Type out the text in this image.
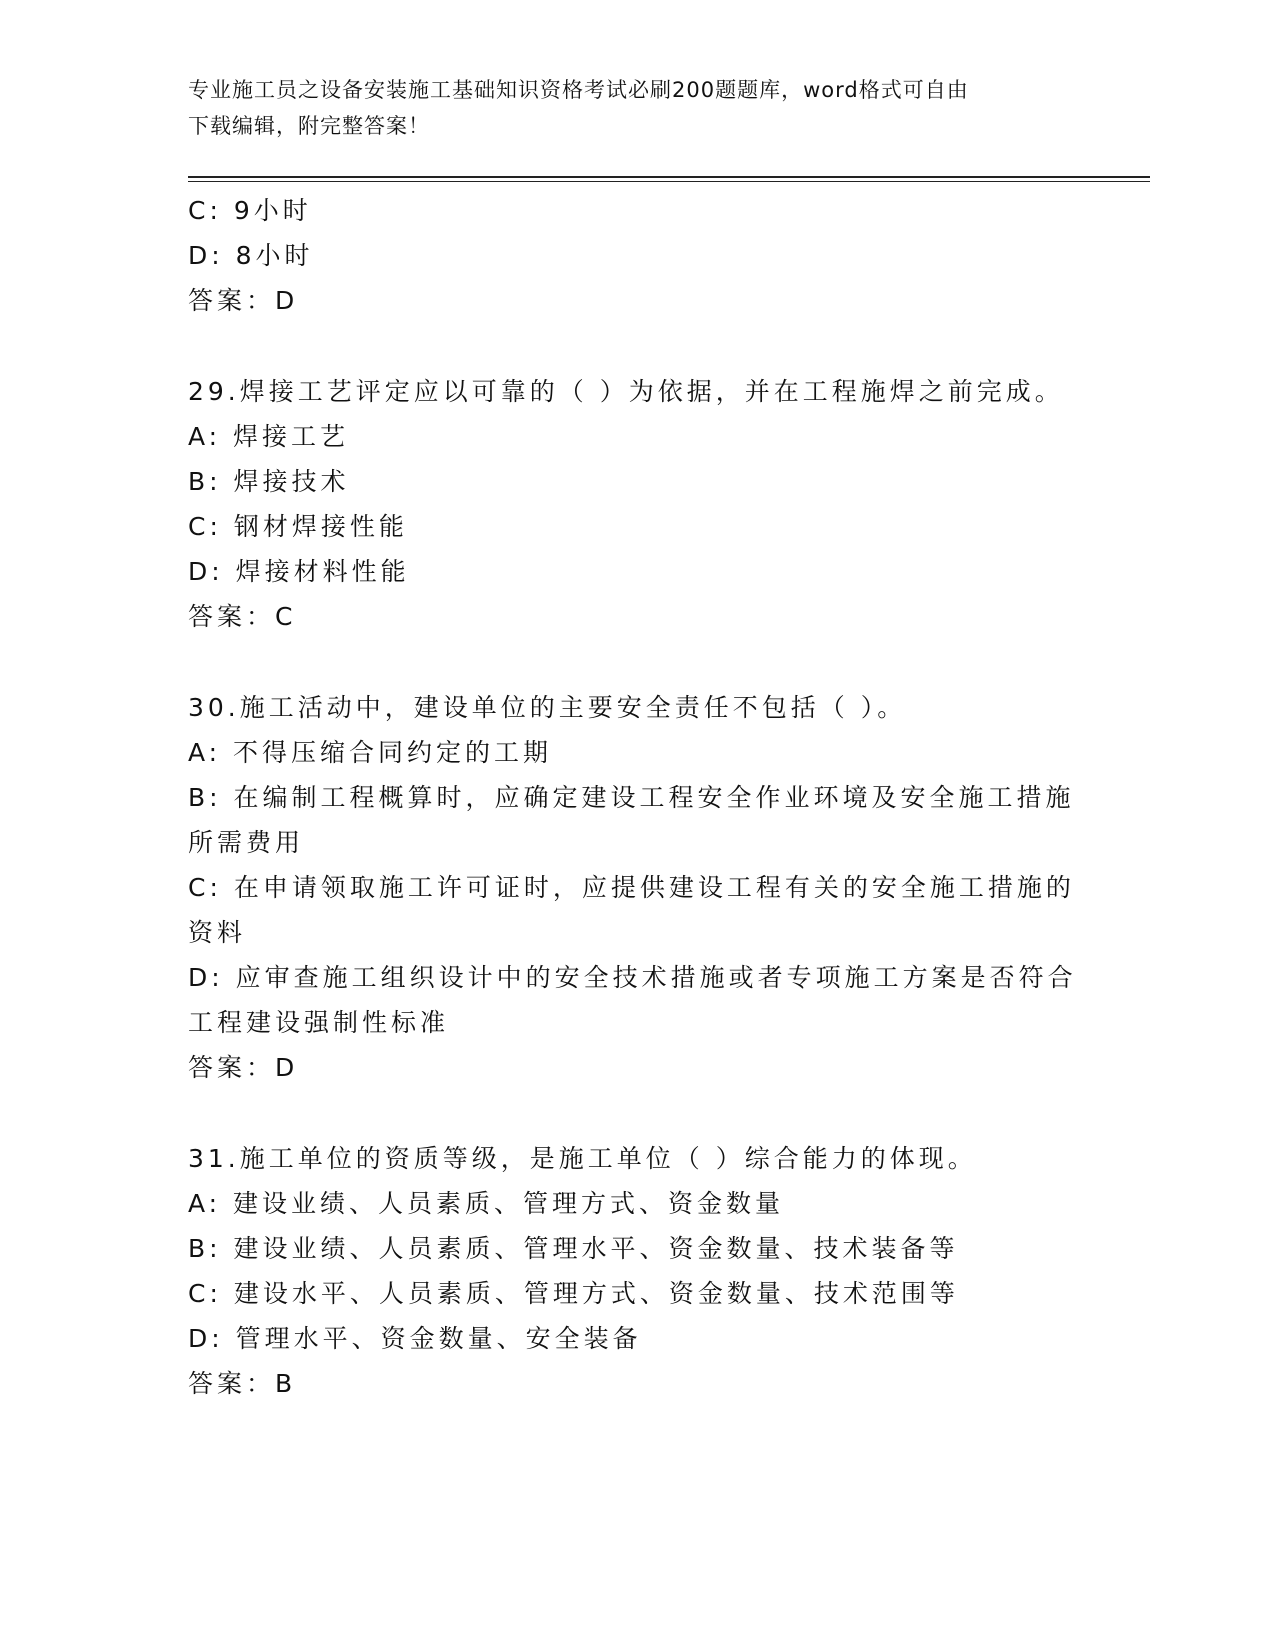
专业施工员之设备安装施工基础知识资格考试必刷200题题库，word格式可自由
下载编辑，附完整答案！
C: 9小时
D: 8小时
答案：D
29.焊接工艺评定应以可靠的（ ）为依据，并在工程施焊之前完成。
A: 焊接工艺
B: 焊接技术
C: 钢材焊接性能
D: 焊接材料性能
答案：C
30.施工活动中，建设单位的主要安全责任不包括（ ）。
A: 不得压缩合同约定的工期
B: 在编制工程概算时，应确定建设工程安全作业环境及安全施工措施
所需费用
C: 在申请领取施工许可证时，应提供建设工程有关的安全施工措施的
资料
D: 应审查施工组织设计中的安全技术措施或者专项施工方案是否符合
工程建设强制性标准
答案：D
31.施工单位的资质等级，是施工单位（ ）综合能力的体现。
A: 建设业绩、人员素质、管理方式、资金数量
B: 建设业绩、人员素质、管理水平、资金数量、技术装备等
C: 建设水平、人员素质、管理方式、资金数量、技术范围等
D: 管理水平、资金数量、安全装备
答案：B
